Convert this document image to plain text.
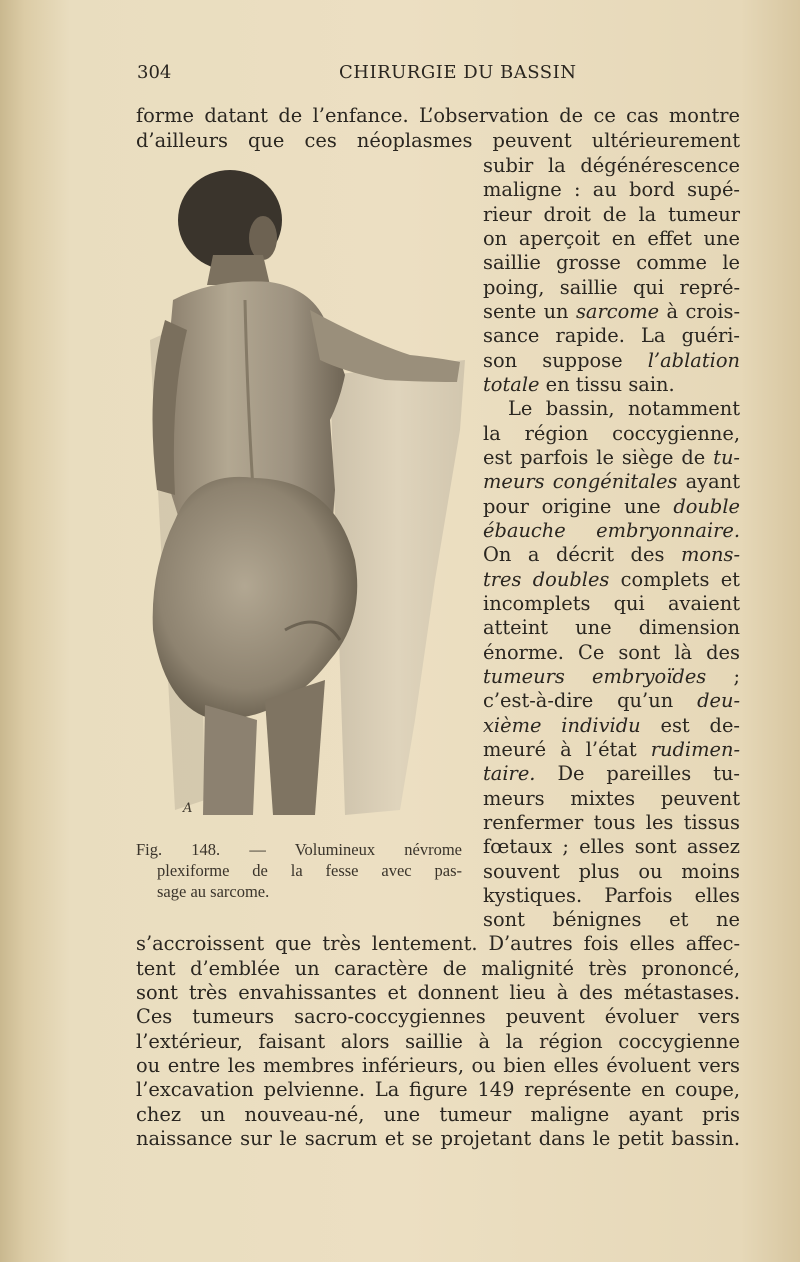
304	CHIRURGIE DU BASSIN
forme datant de l’enfance. L’observation de ce cas montre
d’ailleurs que ces néoplasmes peuvent ultérieurement
subir la dégénérescence
maligne : au bord supé-
rieur droit de la tumeur
on aperçoit en effet une
saillie grosse comme le
poing, saillie qui repré-
sente un sarcome à crois-
sance rapide. La guéri-
son suppose l’ablation
totale en tissu sain.
Le bassin, notamment
la région coccygienne,
est parfois le siège de tu-
meurs congénitales ayant
pour origine une double
ébauche embryonnaire.
On a décrit des mons-
tres doubles complets et
incomplets qui avaient
atteint une dimension
énorme. Ce sont là des
tumeurs embryoïdes ;
c’est-à-dire qu’un deu-
xième individu est de-
meuré à l’état rudimen-
taire. De pareilles tu-
meurs mixtes peuvent
renfermer tous les tissus
fœtaux ; elles sont assez
souvent plus ou moins
kystiques. Parfois elles
sont bénignes et ne
s’accroissent que très lentement. D’autres fois elles affec-
tent d’emblée un caractère de malignité très prononcé,
sont très envahissantes et donnent lieu à des métastases.
Ces tumeurs sacro-coccygiennes peuvent évoluer vers
l’extérieur, faisant alors saillie à la région coccygienne
ou entre les membres inférieurs, ou bien elles évoluent vers
l’excavation pelvienne. La figure 149 représente en coupe,
chez un nouveau-né, une tumeur maligne ayant pris
naissance sur le sacrum et se projetant dans le petit bassin.
A
Fig. 148. — Volumineux névrome
plexiforme de la fesse avec pas-
sage au sarcome.
